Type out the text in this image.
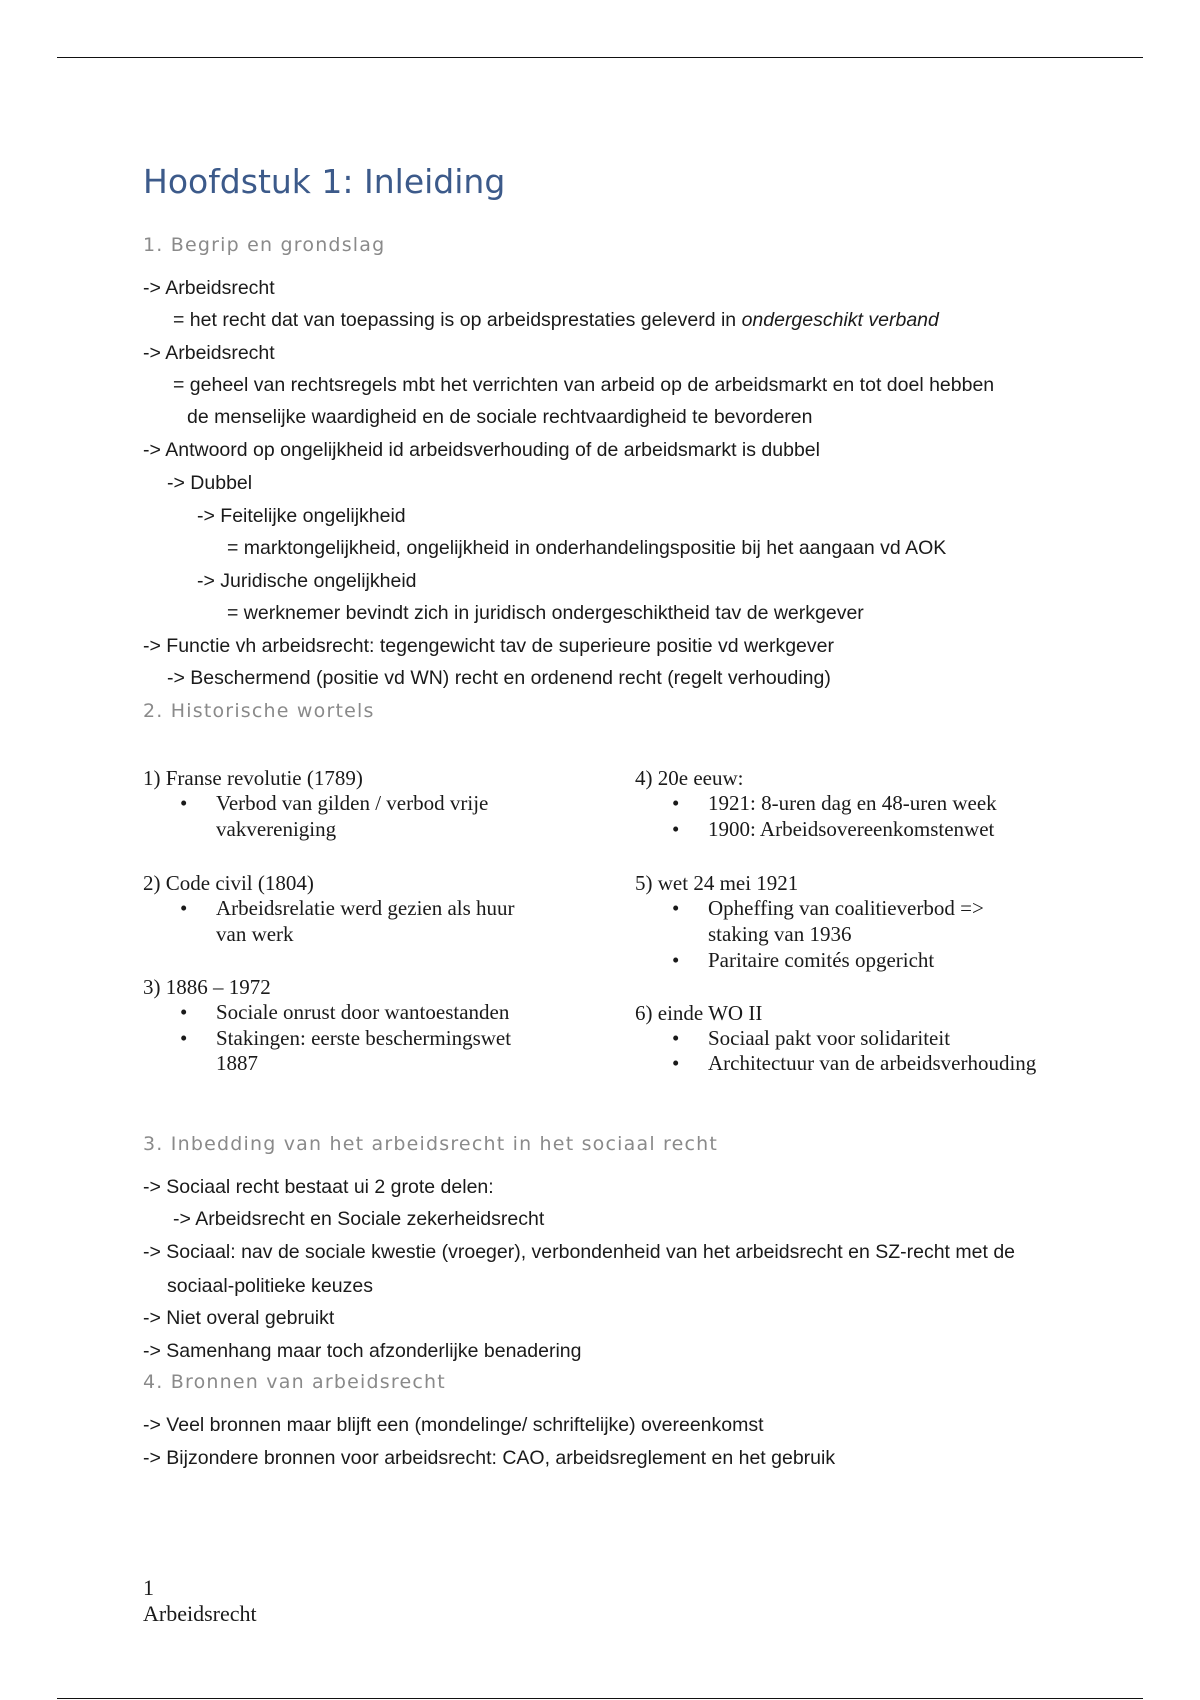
Hoofdstuk 1: Inleiding
1. Begrip en grondslag
-> Arbeidsrecht
= het recht dat van toepassing is op arbeidsprestaties geleverd in ondergeschikt verband
-> Arbeidsrecht
= geheel van rechtsregels mbt het verrichten van arbeid op de arbeidsmarkt en tot doel hebben
de menselijke waardigheid en de sociale rechtvaardigheid te bevorderen
-> Antwoord op ongelijkheid id arbeidsverhouding of de arbeidsmarkt is dubbel
-> Dubbel
-> Feitelijke ongelijkheid
= marktongelijkheid, ongelijkheid in onderhandelingspositie bij het aangaan vd AOK
-> Juridische ongelijkheid
= werknemer bevindt zich in juridisch ondergeschiktheid tav de werkgever
-> Functie vh arbeidsrecht: tegengewicht tav de superieure positie vd werkgever
-> Beschermend (positie vd WN) recht en ordenend recht (regelt verhouding)
2. Historische wortels
1) Franse revolutie (1789)
• Verbod van gilden / verbod vrije
vakvereniging
2) Code civil (1804)
• Arbeidsrelatie werd gezien als huur
van werk
3) 1886 – 1972
• Sociale onrust door wantoestanden
• Stakingen: eerste beschermingswet
1887
4) 20e eeuw:
• 1921: 8-uren dag en 48-uren week
• 1900: Arbeidsovereenkomstenwet
5) wet 24 mei 1921
• Opheffing van coalitieverbod =>
staking van 1936
• Paritaire comités opgericht
6) einde WO II
• Sociaal pakt voor solidariteit
• Architectuur van de arbeidsverhouding
3. Inbedding van het arbeidsrecht in het sociaal recht
-> Sociaal recht bestaat ui 2 grote delen:
-> Arbeidsrecht en Sociale zekerheidsrecht
-> Sociaal: nav de sociale kwestie (vroeger), verbondenheid van het arbeidsrecht en SZ-recht met de
sociaal-politieke keuzes
-> Niet overal gebruikt
-> Samenhang maar toch afzonderlijke benadering
4. Bronnen van arbeidsrecht
-> Veel bronnen maar blijft een (mondelinge/ schriftelijke) overeenkomst
-> Bijzondere bronnen voor arbeidsrecht: CAO, arbeidsreglement en het gebruik
1
Arbeidsrecht
